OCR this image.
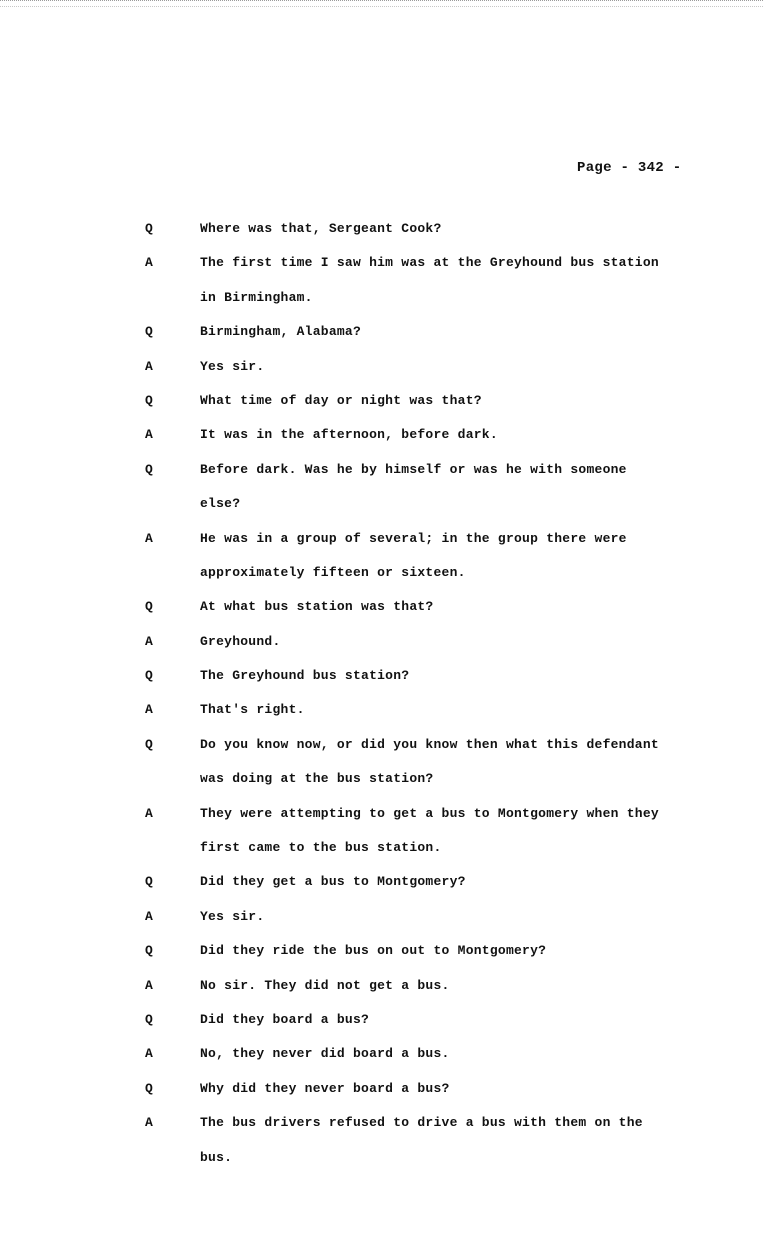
Page - 342 -
Q	Where was that, Sergeant Cook?
A	The first time I saw him was at the Greyhound bus station
in Birmingham.
Q	Birmingham, Alabama?
A	Yes sir.
Q	What time of day or night was that?
A	It was in the afternoon, before dark.
Q	Before dark. Was he by himself or was he with someone
else?
A	He was in a group of several; in the group there were
approximately fifteen or sixteen.
Q	At what bus station was that?
A	Greyhound.
Q	The Greyhound bus station?
A	That's right.
Q	Do you know now, or did you know then what this defendant
was doing at the bus station?
A	They were attempting to get a bus to Montgomery when they
first came to the bus station.
Q	Did they get a bus to Montgomery?
A	Yes sir.
Q	Did they ride the bus on out to Montgomery?
A	No sir. They did not get a bus.
Q	Did they board a bus?
A	No, they never did board a bus.
Q	Why did they never board a bus?
A	The bus drivers refused to drive a bus with them on the
bus.
